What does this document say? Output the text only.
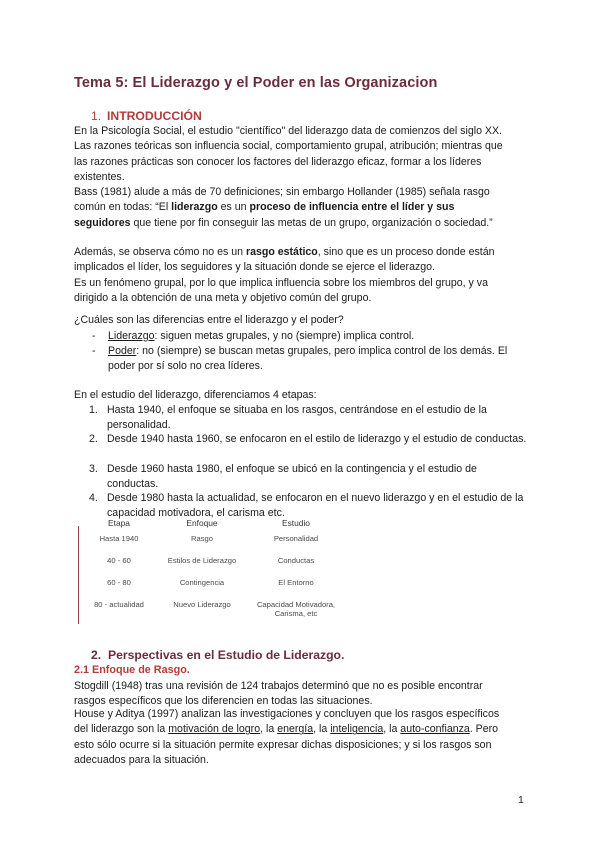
Tema 5: El Liderazgo y el Poder en las Organizacion
1. INTRODUCCIÓN
En la Psicología Social, el estudio "científico" del liderazgo data de comienzos del siglo XX.
Las razones teóricas son influencia social, comportamiento grupal, atribución; mientras que
las razones prácticas son conocer los factores del liderazgo eficaz, formar a los líderes
existentes.
Bass (1981) alude a más de 70 definiciones; sin embargo Hollander (1985) señala rasgo
común en todas: “El liderazgo es un proceso de influencia entre el líder y sus
seguidores que tiene por fin conseguir las metas de un grupo, organización o sociedad.”
Además, se observa cómo no es un rasgo estático, sino que es un proceso donde están
implicados el líder, los seguidores y la situación donde se ejerce el liderazgo.
Es un fenómeno grupal, por lo que implica influencia sobre los miembros del grupo, y va
dirigido a la obtención de una meta y objetivo común del grupo.
¿Cuáles son las diferencias entre el liderazgo y el poder?
- Liderazgo: siguen metas grupales, y no (siempre) implica control.
- Poder: no (siempre) se buscan metas grupales, pero implica control de los demás. El poder por sí solo no crea líderes.
En el estudio del liderazgo, diferenciamos 4 etapas:
1. Hasta 1940, el enfoque se situaba en los rasgos, centrándose en el estudio de la personalidad.
2. Desde 1940 hasta 1960, se enfocaron en el estilo de liderazgo y el estudio de conductas.
3. Desde 1960 hasta 1980, el enfoque se ubicó en la contingencia y el estudio de conductas.
4. Desde 1980 hasta la actualidad, se enfocaron en el nuevo liderazgo y en el estudio de la capacidad motivadora, el carisma etc.
Etapa	Enfoque	Estudio
Hasta 1940	Rasgo	Personalidad
40 - 60	Estilos de Liderazgo	Conductas
60 - 80	Contingencia	El Entorno
80 - actualidad	Nuevo Liderazgo	Capacidad Motivadora, Carisma, etc
2. Perspectivas en el Estudio de Liderazgo.
2.1 Enfoque de Rasgo.
Stogdill (1948) tras una revisión de 124 trabajos determinó que no es posible encontrar
rasgos específicos que los diferencien en todas las situaciones.
House y Aditya (1997) analizan las investigaciones y concluyen que los rasgos específicos
del liderazgo son la motivación de logro, la energía, la inteligencia, la auto-confianza. Pero
esto sólo ocurre si la situación permite expresar dichas disposiciones; y si los rasgos son
adecuados para la situación.
1
